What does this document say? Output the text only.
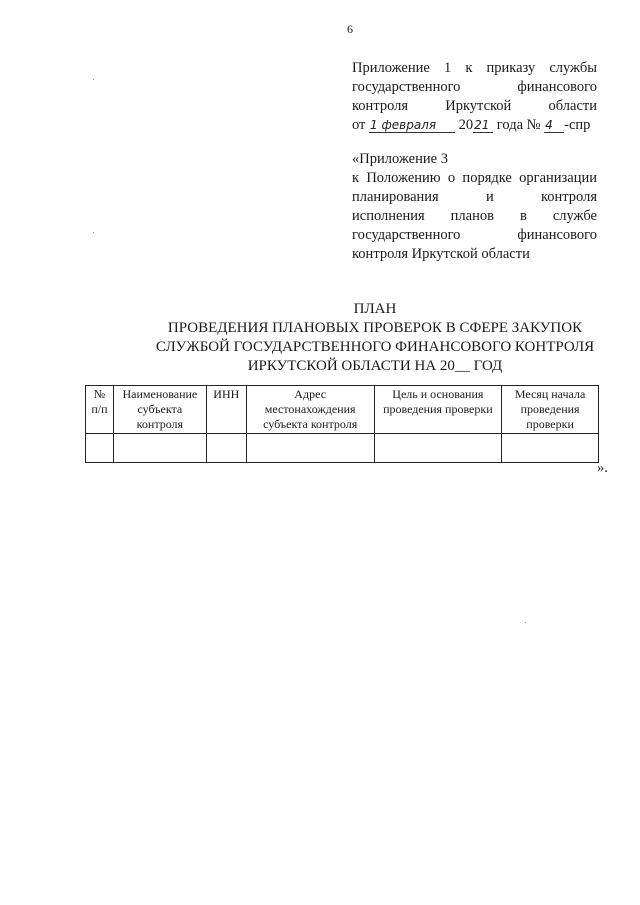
6
Приложение 1 к приказу службы
государственного финансового
контроля Иркутской области
от 1 февраля 2021 года № 4 -спр
«Приложение 3
к Положению о порядке организации
планирования и контроля
исполнения планов в службе
государственного финансового
контроля Иркутской области
ПЛАН
ПРОВЕДЕНИЯ ПЛАНОВЫХ ПРОВЕРОК В СФЕРЕ ЗАКУПОК
СЛУЖБОЙ ГОСУДАРСТВЕННОГО ФИНАНСОВОГО КОНТРОЛЯ
ИРКУТСКОЙ ОБЛАСТИ НА 20__ ГОД
№ п/п	Наименование субъекта контроля	ИНН	Адрес местонахождения субъекта контроля	Цель и основания проведения проверки	Месяц начала проведения проверки

».
